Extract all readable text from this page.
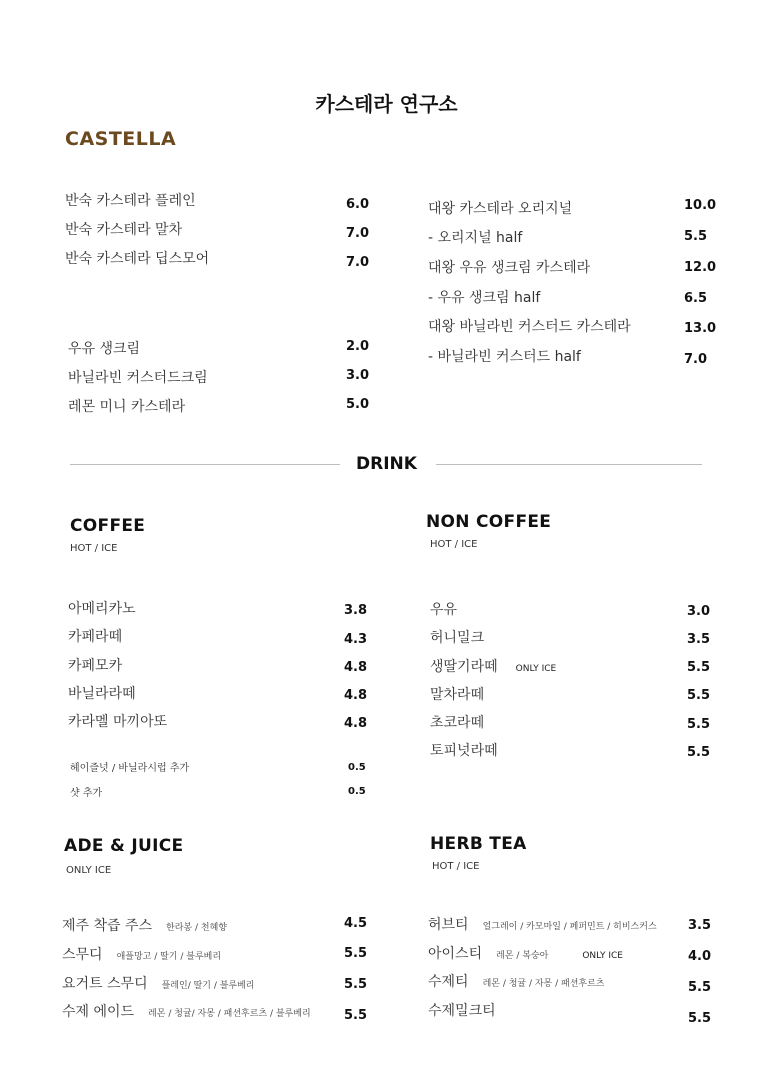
카스테라 연구소
CASTELLA
반숙 카스테라 플레인	6.0
반숙 카스테라 말차	7.0
반숙 카스테라 딥스모어	7.0
우유 생크림	2.0
바닐라빈 커스터드크림	3.0
레몬 미니 카스테라	5.0
대왕 카스테라 오리지널	10.0
- 오리지널 half	5.5
대왕 우유 생크림 카스테라	12.0
- 우유 생크림 half	6.5
대왕 바닐라빈 커스터드 카스테라	13.0
- 바닐라빈 커스터드 half	7.0
DRINK
COFFEE
HOT / ICE
아메리카노	3.8
카페라떼	4.3
카페모카	4.8
바닐라라떼	4.8
카라멜 마끼아또	4.8
헤이즐넛 / 바닐라시럽 추가	0.5
샷 추가	0.5
NON COFFEE
HOT / ICE
우유	3.0
허니밀크	3.5
생딸기라떼 ONLY ICE	5.5
말차라떼	5.5
초코라떼	5.5
토피넛라떼	5.5
ADE & JUICE
ONLY ICE
제주 착즙 주스 한라봉 / 천혜향	4.5
스무디 애플망고 / 딸기 / 블루베리	5.5
요거트 스무디 플레인/ 딸기 / 블루베리	5.5
수제 에이드 레몬 / 청귤/ 자몽 / 패션후르츠 / 블루베리	5.5
HERB TEA
HOT / ICE
허브티 얼그레이 / 카모마일 / 페퍼민트 / 히비스커스 3.5
아이스티 레몬 / 복숭아	ONLY ICE	4.0
수제티 레몬 / 청귤 / 자몽 / 패션후르츠	5.5
수제밀크티	5.5
